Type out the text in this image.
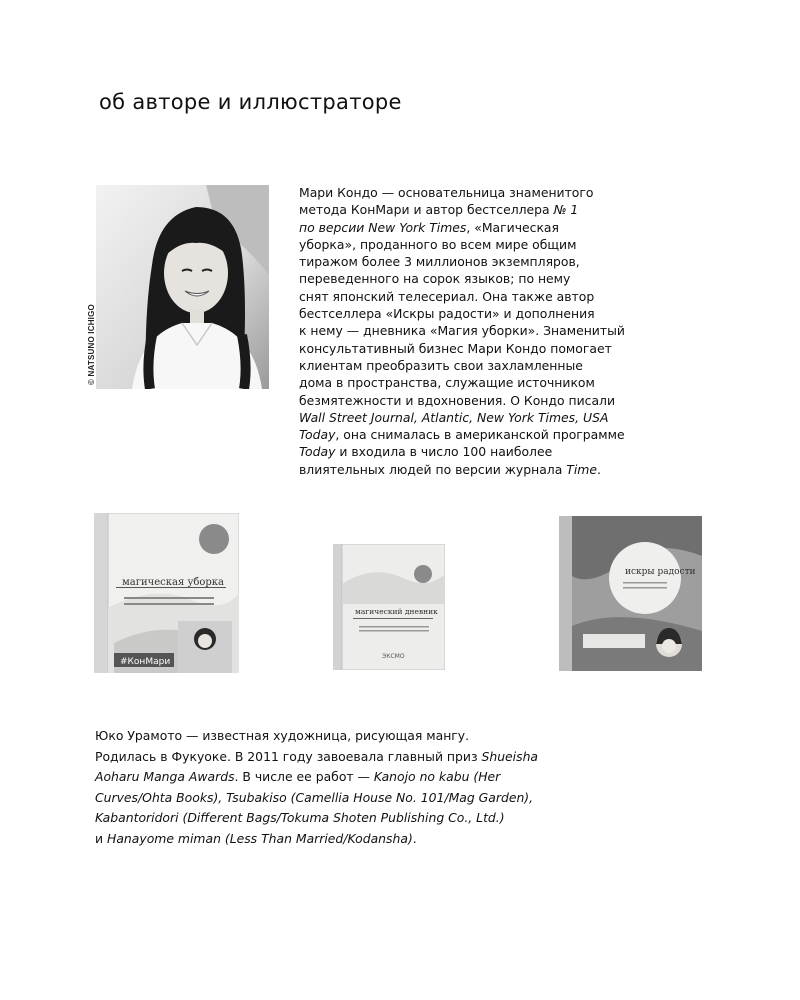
об авторе и иллюстраторе
© NATSUNO ICHIGO

Мари Кондо — основательница знаменитого
метода КонМари и автор бестселлера № 1
по версии New York Times, «Магическая
уборка», проданного во всем мире общим
тиражом более 3 миллионов экземпляров,
переведенного на сорок языков; по нему
снят японский телесериал. Она также автор
бестселлера «Искры радости» и дополнения
к нему — дневника «Магия уборки». Знаменитый
консультативный бизнес Мари Кондо помогает
клиентам преобразить свои захламленные
дома в пространства, служащие источником
безмятежности и вдохновения. О Кондо писали
Wall Street Journal, Atlantic, New York Times, USA
Today, она снималась в американской программе
Today и входила в число 100 наиболее
влиятельных людей по версии журнала Time.

#КонМари
магическая уборка
магический дневник
ЭКСМО
искры радости

Юко Урамото — известная художница, рисующая мангу.
Родилась в Фукуоке. В 2011 году завоевала главный приз Shueisha
Aoharu Manga Awards. В числе ее работ — Kanojo no kabu (Her
Curves/Ohta Books), Tsubakiso (Camellia House No. 101/Mag Garden),
Kabantoridori (Different Bags/Tokuma Shoten Publishing Co., Ltd.)
и Hanayome miman (Less Than Married/Kodansha).
